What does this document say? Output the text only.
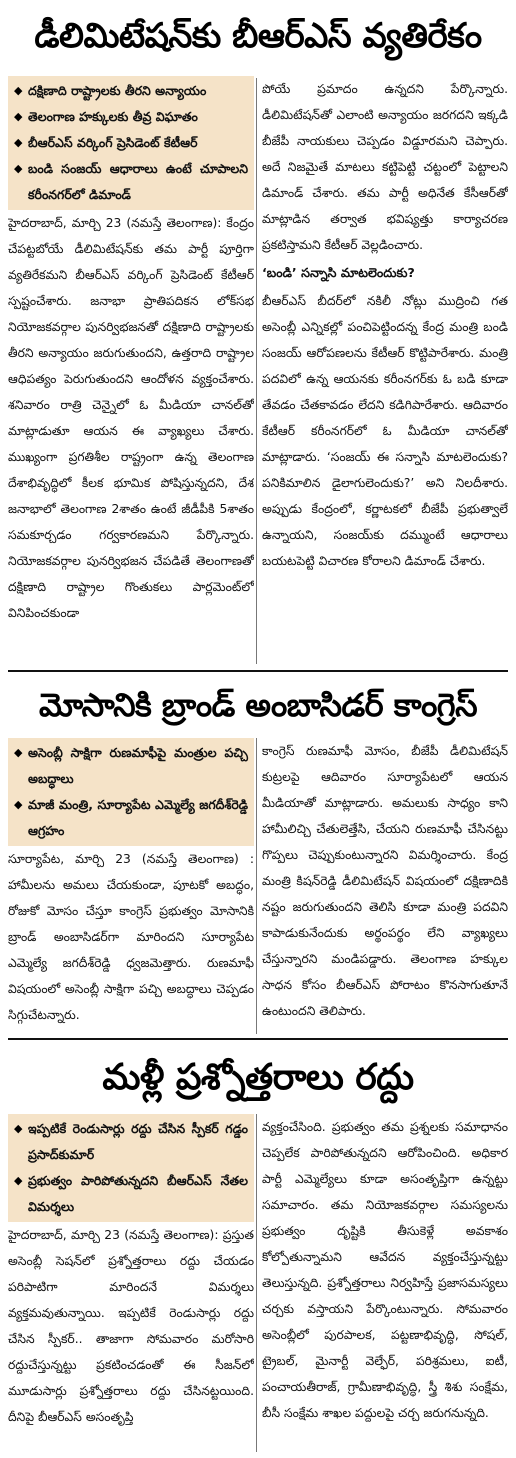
డీలిమిటేషన్‌కు బీఆర్‌ఎస్ వ్యతిరేకం
◆ దక్షిణాది రాష్ట్రాలకు తీరని అన్యాయం
◆ తెలంగాణ హక్కులకు తీవ్ర విఘాతం
◆ బీఆర్‌ఎస్ వర్కింగ్ ప్రెసిడెంట్ కేటీఆర్
◆ బండి సంజయ్ ఆధారాలు ఉంటే చూపాలని కరీంనగర్‌లో డిమాండ్

హైదరాబాద్, మార్చి 23 (నమస్తే తెలంగాణ): కేంద్రం చేపట్టబోయే డీలిమిటేషన్‌కు తమ పార్టీ పూర్తిగా వ్యతిరేకమని బీఆర్‌ఎస్ వర్కింగ్ ప్రెసిడెంట్ కేటీఆర్ స్పష్టంచేశారు. జనాభా ప్రాతిపదికన లోక్‌సభ నియోజకవర్గాల పునర్విభజనతో దక్షిణాది రాష్ట్రాలకు తీరని అన్యాయం జరుగుతుందని, ఉత్తరాది రాష్ట్రాల ఆధిపత్యం పెరుగుతుందని ఆందోళన వ్యక్తంచేశారు. శనివారం రాత్రి చెన్నైలో ఓ మీడియా చానల్‌తో మాట్లాడుతూ ఆయన ఈ వ్యాఖ్యలు చేశారు. ముఖ్యంగా ప్రగతిశీల రాష్ట్రంగా ఉన్న తెలంగాణ దేశాభివృద్ధిలో కీలక భూమిక పోషిస్తున్నదని, దేశ జనాభాలో తెలంగాణ 2శాతం ఉంటే జీడీపీకి 5శాతం సమకూర్చడం గర్వకారణమని పేర్కొన్నారు. నియోజకవర్గాల పునర్విభజన చేపడితే తెలంగాణతో దక్షిణాది రాష్ట్రాల గొంతుకలు పార్లమెంట్‌లో వినిపించకుండా

పోయే ప్రమాదం ఉన్నదని పేర్కొన్నారు. డీలిమిటేషన్‌తో ఎలాంటి అన్యాయం జరగదని ఇక్కడి బీజేపీ నాయకులు చెప్పడం విడ్డూరమని చెప్పారు. అదే నిజమైతే మాటలు కట్టిపెట్టి చట్టంలో పెట్టాలని డిమాండ్ చేశారు. తమ పార్టీ అధినేత కేసీఆర్‌తో మాట్లాడిన తర్వాత భవిష్యత్తు కార్యాచరణ ప్రకటిస్తామని కేటీఆర్ వెల్లడించారు.

‘బండి’ సన్నాసి మాటలెందుకు?

బీఆర్‌ఎస్ బీదర్‌లో నకిలీ నోట్లు ముద్రించి గత అసెంబ్లీ ఎన్నికల్లో పంచిపెట్టిందన్న కేంద్ర మంత్రి బండి సంజయ్ ఆరోపణలను కేటీఆర్ కొట్టిపారేశారు. మంత్రి పదవిలో ఉన్న ఆయనకు కరీంనగర్‌కు ఓ బడి కూడా తేవడం చేతకావడం లేదని కడిగిపారేశారు. ఆదివారం కేటీఆర్ కరీంనగర్‌లో ఓ మీడియా చానల్‌తో మాట్లాడారు. ‘సంజయ్ ఈ సన్నాసి మాటలెందుకు? పనికిమాలిన డైలాగులెందుకు?’ అని నిలదీశారు. అప్పుడు కేంద్రంలో, కర్ణాటకలో బీజేపీ ప్రభుత్వాలే ఉన్నాయని, సంజయ్‌కు దమ్ముంటే ఆధారాలు బయటపెట్టి విచారణ కోరాలని డిమాండ్ చేశారు.

మోసానికి బ్రాండ్ అంబాసిడర్ కాంగ్రెస్
◆ అసెంబ్లీ సాక్షిగా రుణమాఫీపై మంత్రుల పచ్చి అబద్ధాలు
◆ మాజీ మంత్రి, సూర్యాపేట ఎమ్మెల్యే జగదీశ్‌రెడ్డి ఆగ్రహం

సూర్యాపేట, మార్చి 23 (నమస్తే తెలంగాణ) : హామీలను అమలు చేయకుండా, పూటకో అబద్ధం, రోజుకో మోసం చేస్తూ కాంగ్రెస్ ప్రభుత్వం మోసానికి బ్రాండ్ అంబాసిడర్‌గా మారిందని సూర్యాపేట ఎమ్మెల్యే జగదీశ్‌రెడ్డి ధ్వజమెత్తారు. రుణమాఫీ విషయంలో అసెంబ్లీ సాక్షిగా పచ్చి అబద్ధాలు చెప్పడం సిగ్గుచేటన్నారు.

కాంగ్రెస్ రుణమాఫీ మోసం, బీజేపీ డీలిమిటేషన్ కుట్రలపై ఆదివారం సూర్యాపేటలో ఆయన మీడియాతో మాట్లాడారు. అమలుకు సాధ్యం కాని హామీలిచ్చి చేతులెత్తేసి, చేయని రుణమాఫీ చేసినట్టు గొప్పలు చెప్పుకుంటున్నారని విమర్శించారు. కేంద్ర మంత్రి కిషన్‌రెడ్డి డీలిమిటేషన్ విషయంలో దక్షిణాదికి నష్టం జరుగుతుందని తెలిసి కూడా మంత్రి పదవిని కాపాడుకునేందుకు అర్థంపర్థం లేని వ్యాఖ్యలు చేస్తున్నారని మండిపడ్డారు. తెలంగాణ హక్కుల సాధన కోసం బీఆర్‌ఎస్ పోరాటం కొనసాగుతూనే ఉంటుందని తెలిపారు.

మళ్లీ ప్రశ్నోత్తరాలు రద్దు
◆ ఇప్పటికే రెండుసార్లు రద్దు చేసిన స్పీకర్ గడ్డం ప్రసాద్‌కుమార్
◆ ప్రభుత్వం పారిపోతున్నదని బీఆర్‌ఎస్ నేతల విమర్శలు

హైదరాబాద్, మార్చి 23 (నమస్తే తెలంగాణ): ప్రస్తుత అసెంబ్లీ సెషన్‌లో ప్రశ్నోత్తరాలు రద్దు చేయడం పరిపాటిగా మారిందనే విమర్శలు వ్యక్తమవుతున్నాయి. ఇప్పటికే రెండుసార్లు రద్దు చేసిన స్పీకర్.. తాజాగా సోమవారం మరోసారి రద్దుచేస్తున్నట్టు ప్రకటించడంతో ఈ సీజన్‌లో మూడుసార్లు ప్రశ్నోత్తరాలు రద్దు చేసినట్టయింది. దీనిపై బీఆర్‌ఎస్ అసంతృప్తి

వ్యక్తంచేసింది. ప్రభుత్వం తమ ప్రశ్నలకు సమాధానం చెప్పలేక పారిపోతున్నదని ఆరోపించింది. అధికార పార్టీ ఎమ్మెల్యేలు కూడా అసంతృప్తిగా ఉన్నట్టు సమాచారం. తమ నియోజకవర్గాల సమస్యలను ప్రభుత్వం దృష్టికి తీసుకెళ్లే అవకాశం కోల్పోతున్నామని ఆవేదన వ్యక్తంచేస్తున్నట్టు తెలుస్తున్నది. ప్రశ్నోత్తరాలు నిర్వహిస్తే ప్రజాసమస్యలు చర్చకు వస్తాయని పేర్కొంటున్నారు. సోమవారం అసెంబ్లీలో పురపాలక, పట్టణాభివృద్ధి, సోషల్, ట్రైబల్, మైనార్టీ వెల్ఫేర్, పరిశ్రమలు, ఐటీ, పంచాయతీరాజ్, గ్రామీణాభివృద్ధి, స్త్రీ శిశు సంక్షేమ, బీసీ సంక్షేమ శాఖల పద్దులపై చర్చ జరుగనున్నది.
